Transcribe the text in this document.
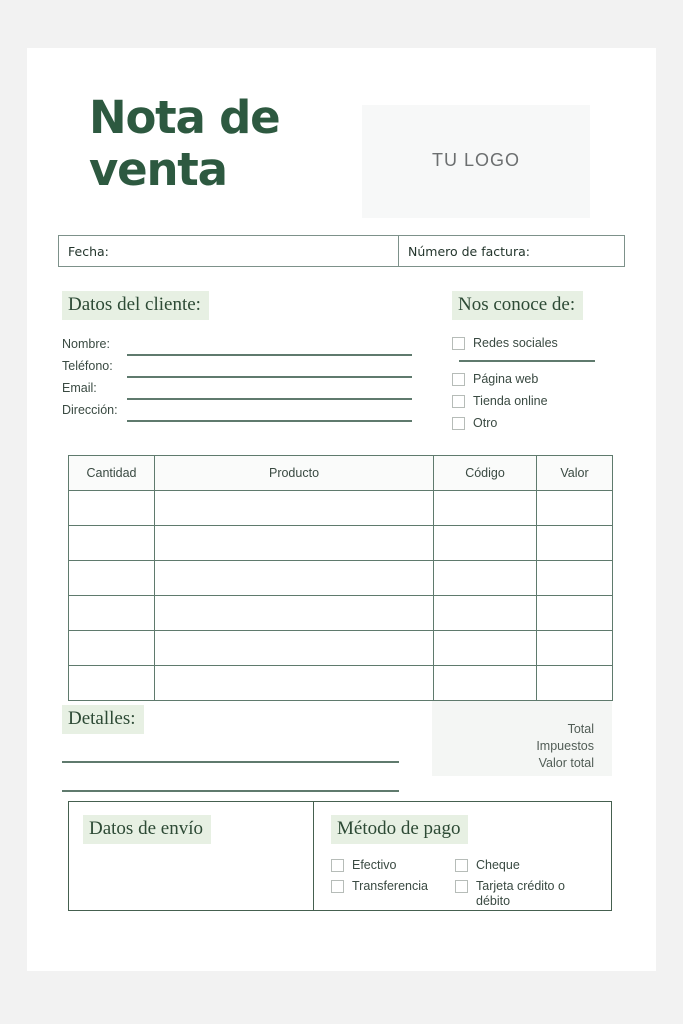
Nota de venta	TU LOGO
Fecha:	Número de factura:
Datos del cliente:
Nombre:
Teléfono:
Email:
Dirección:
Nos conoce de:
Redes sociales
Página web
Tienda online
Otro
Cantidad	Producto	Código	Valor

Detalles:	Total
Impuestos
Valor total
Datos de envío	Método de pago
Efectivo
Transferencia
Cheque
Tarjeta crédito o débito
